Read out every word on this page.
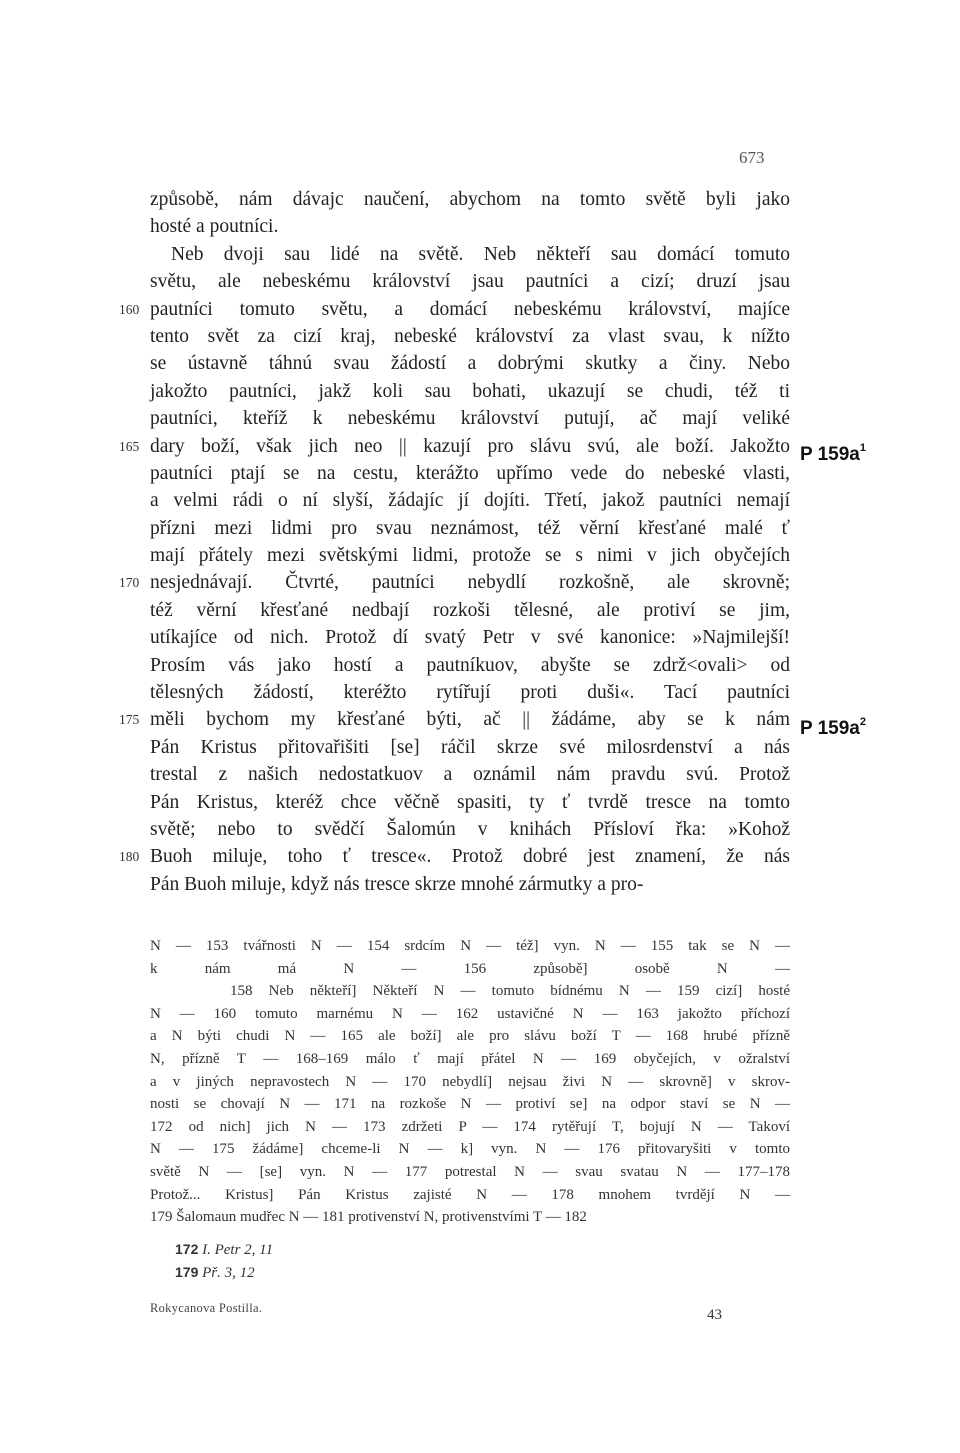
673
způsobě, nám dávajc naučení, abychom na tomto světě byli jako
hosté a poutníci.
Neb dvoji sau lidé na světě. Neb někteří sau domácí tomuto
světu, ale nebeskému království jsau pautníci a cizí; druzí jsau
160 pautníci tomuto světu, a domácí nebeskému království, majíce
tento svět za cizí kraj, nebeské království za vlast svau, k nížto
se ústavně táhnú svau žádostí a dobrými skutky a činy. Nebo
jakožto pautníci, jakž koli sau bohati, ukazují se chudi, též ti
pautníci, kteříž k nebeskému království putují, ač mají veliké
165 dary boží, však jich neo || kazují pro slávu svú, ale boží. Jakožto
pautníci ptají se na cestu, kterážto upřímo vede do nebeské vlasti,
a velmi rádi o ní slyší, žádajíc jí dojíti. Třetí, jakož pautníci nemají
přízni mezi lidmi pro svau neznámost, též věrní křesťané malé ť
mají přátely mezi světskými lidmi, protože se s nimi v jich obyčejích
170 nesjednávají. Čtvrté, pautníci nebydlí rozkošně, ale skrovně;
též věrní křesťané nedbají rozkoši tělesné, ale protiví se jim,
utíkajíce od nich. Protož dí svatý Petr v své kanonice: »Najmilejší!
Prosím vás jako hostí a pautníkuov, abyšte se zdrž<ovali> od
tělesných žádostí, kteréžto rytířují proti duši«. Tací pautníci
175 měli bychom my křesťané býti, ač || žádáme, aby se k nám
Pán Kristus přitovařišiti [se] ráčil skrze své milosrdenství a nás
trestal z našich nedostatkuov a oznámil nám pravdu svú. Protož
Pán Kristus, kteréž chce věčně spasiti, ty ť tvrdě tresce na tomto
světě; nebo to svědčí Šalomún v knihách Přísloví řka: »Kohož
180 Buoh miluje, toho ť tresce«. Protož dobré jest znamení, že nás
Pán Buoh miluje, když nás tresce skrze mnohé zármutky a pro-
P $159a^1$
P $159a^2$
N — 153 tvářnosti N — 154 srdcím N — též] vyn. N — 155 tak se N —
k nám má N — 156 způsobě] osobě N —
158 Neb někteří] Někteří N — tomuto bídnému N — 159 cizí] hosté
N — 160 tomuto marnému N — 162 ustavičné N — 163 jakožto příchozí
a N býti chudi N — 165 ale boží] ale pro slávu boží T — 168 hrubé přízně
N, přízně T — 168–169 málo ť mají přátel N — 169 obyčejích, v ožralství
a v jiných nepravostech N — 170 nebydlí] nejsau živi N — skrovně] v skrov-
nosti se chovají N — 171 na rozkoše N — protiví se] na odpor staví se N —
172 od nich] jich N — 173 zdržeti P — 174 rytěřují T, bojují N — Takoví
N — 175 žádáme] chceme-li N — k] vyn. N — 176 přitovaryšiti v tomto
světě N — [se] vyn. N — 177 potrestal N — svau svatau N — 177–178
Protož... Kristus] Pán Kristus zajisté N — 178 mnohem tvrdějí N —
179 Šalomaun mudřec N — 181 protivenství N, protivenstvími T — 182
172 I. Petr 2, 11
179 Př. 3, 12
Rokycanova Postilla.	43
